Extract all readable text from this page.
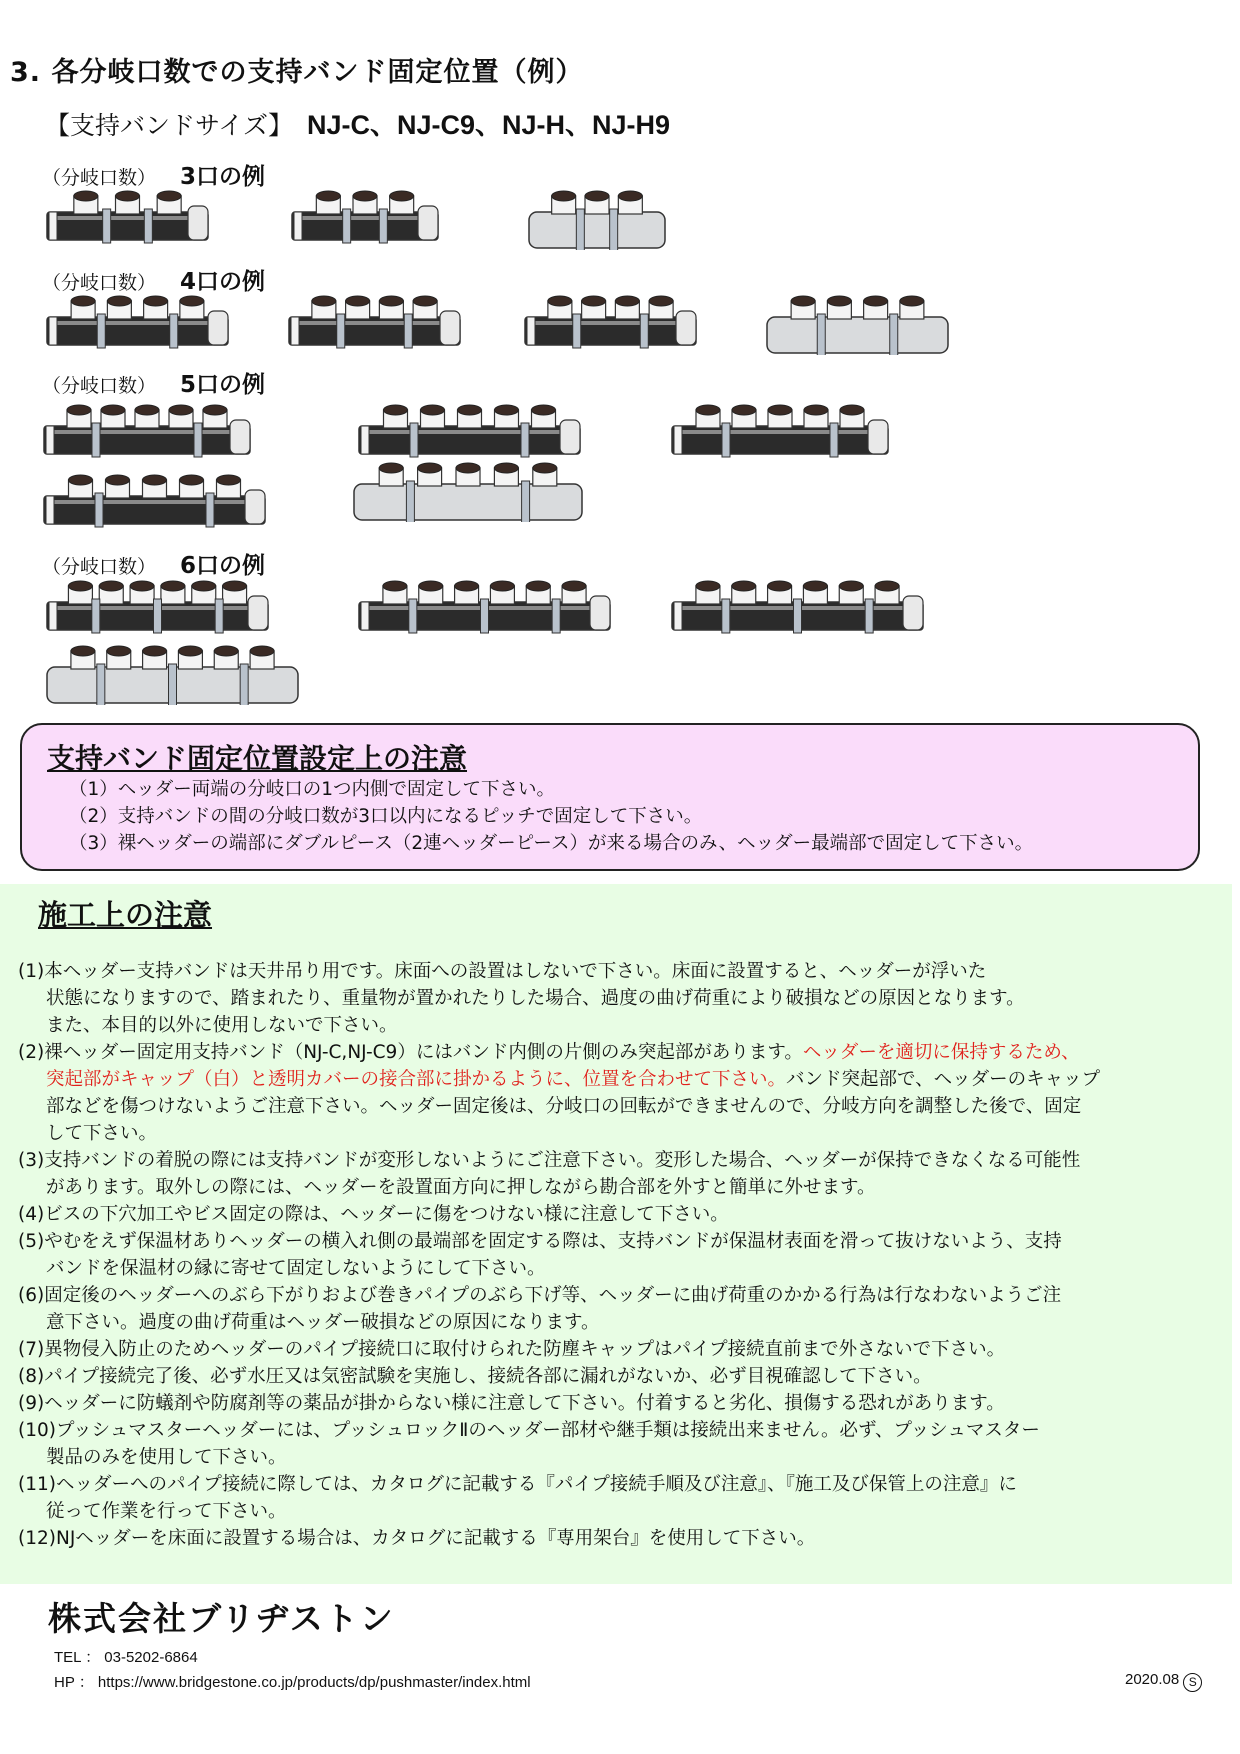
3. 各分岐口数での支持バンド固定位置（例）
【支持バンドサイズ】 NJ-C、NJ-C9、NJ-H、NJ-H9
（分岐口数） 3口の例
（分岐口数） 4口の例
（分岐口数） 5口の例
（分岐口数） 6口の例
支持バンド固定位置設定上の注意
（1）ヘッダー両端の分岐口の1つ内側で固定して下さい。
（2）支持バンドの間の分岐口数が3口以内になるピッチで固定して下さい。
（3）裸ヘッダーの端部にダブルピース（2連ヘッダーピース）が来る場合のみ、ヘッダー最端部で固定して下さい。
施工上の注意
(1)本ヘッダー支持バンドは天井吊り用です。床面への設置はしないで下さい。床面に設置すると、ヘッダーが浮いた
状態になりますので、踏まれたり、重量物が置かれたりした場合、過度の曲げ荷重により破損などの原因となります。
また、本目的以外に使用しないで下さい。
(2)裸ヘッダー固定用支持バンド（NJ-C,NJ-C9）にはバンド内側の片側のみ突起部があります。ヘッダーを適切に保持するため、
突起部がキャップ（白）と透明カバーの接合部に掛かるように、位置を合わせて下さい。バンド突起部で、ヘッダーのキャップ
部などを傷つけないようご注意下さい。ヘッダー固定後は、分岐口の回転ができませんので、分岐方向を調整した後で、固定
して下さい。
(3)支持バンドの着脱の際には支持バンドが変形しないようにご注意下さい。変形した場合、ヘッダーが保持できなくなる可能性
があります。取外しの際には、ヘッダーを設置面方向に押しながら勘合部を外すと簡単に外せます。
(4)ビスの下穴加工やビス固定の際は、ヘッダーに傷をつけない様に注意して下さい。
(5)やむをえず保温材ありヘッダーの横入れ側の最端部を固定する際は、支持バンドが保温材表面を滑って抜けないよう、支持
バンドを保温材の縁に寄せて固定しないようにして下さい。
(6)固定後のヘッダーへのぶら下がりおよび巻きパイプのぶら下げ等、ヘッダーに曲げ荷重のかかる行為は行なわないようご注
意下さい。過度の曲げ荷重はヘッダー破損などの原因になります。
(7)異物侵入防止のためヘッダーのパイプ接続口に取付けられた防塵キャップはパイプ接続直前まで外さないで下さい。
(8)パイプ接続完了後、必ず水圧又は気密試験を実施し、接続各部に漏れがないか、必ず目視確認して下さい。
(9)ヘッダーに防蟻剤や防腐剤等の薬品が掛からない様に注意して下さい。付着すると劣化、損傷する恐れがあります。
(10)プッシュマスターヘッダーには、プッシュロックⅡのヘッダー部材や継手類は接続出来ません。必ず、プッシュマスター
製品のみを使用して下さい。
(11)ヘッダーへのパイプ接続に際しては、カタログに記載する『パイプ接続手順及び注意』、『施工及び保管上の注意』に
従って作業を行って下さい。
(12)NJヘッダーを床面に設置する場合は、カタログに記載する『専用架台』を使用して下さい。
株式会社ブリヂストン
TEL ： 03-5202-6864
HP ： https://www.bridgestone.co.jp/products/dp/pushmaster/index.html	2020.08 S
